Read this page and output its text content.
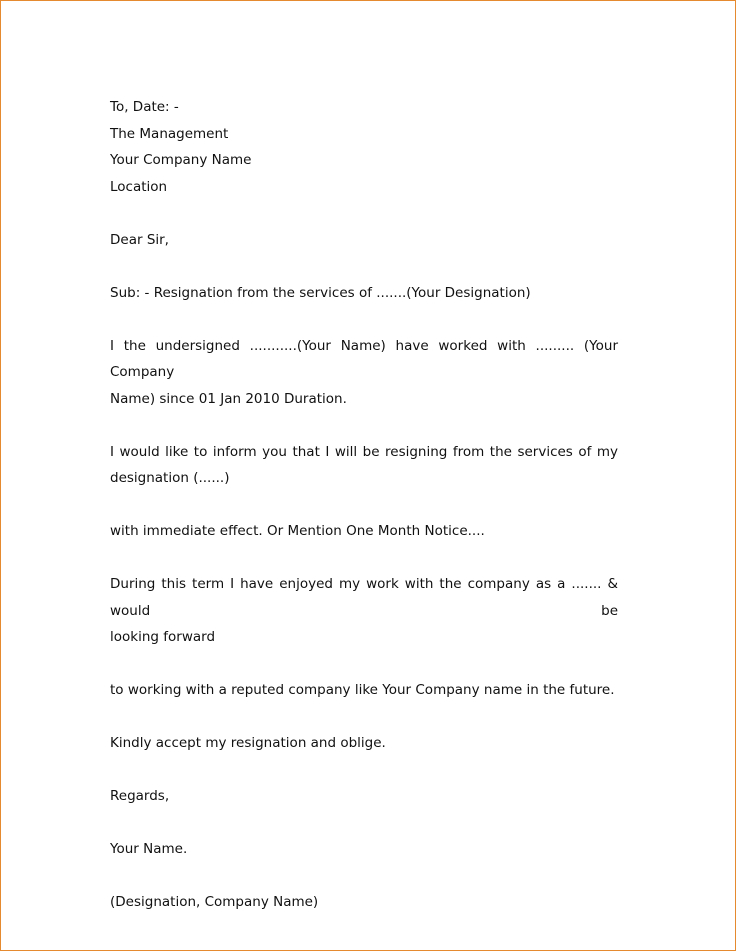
To, Date: -
The Management
Your Company Name
Location
Dear Sir,
Sub: - Resignation from the services of .......(Your Designation)
I the undersigned ...........(Your Name) have worked with ......... (Your Company
Name) since 01 Jan 2010 Duration.
I would like to inform you that I will be resigning from the services of my
designation (......)
with immediate effect. Or Mention One Month Notice....
During this term I have enjoyed my work with the company as a ....... & would be
looking forward
to working with a reputed company like Your Company name in the future.
Kindly accept my resignation and oblige.
Regards,
Your Name.
(Designation, Company Name)
